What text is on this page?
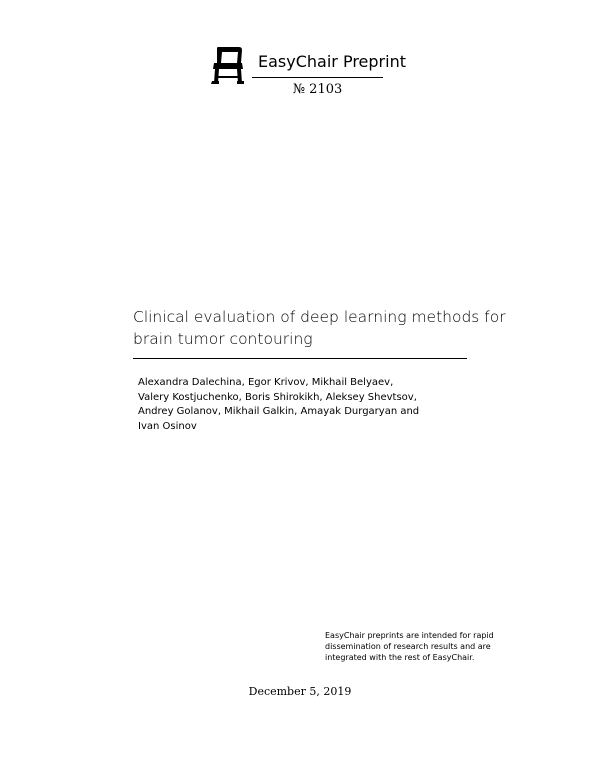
EasyChair Preprint
№ 2103
Clinical evaluation of deep learning methods for
brain tumor contouring
Alexandra Dalechina, Egor Krivov, Mikhail Belyaev,
Valery Kostjuchenko, Boris Shirokikh, Aleksey Shevtsov,
Andrey Golanov, Mikhail Galkin, Amayak Durgaryan and
Ivan Osinov
EasyChair preprints are intended for rapid
dissemination of research results and are
integrated with the rest of EasyChair.
December 5, 2019
